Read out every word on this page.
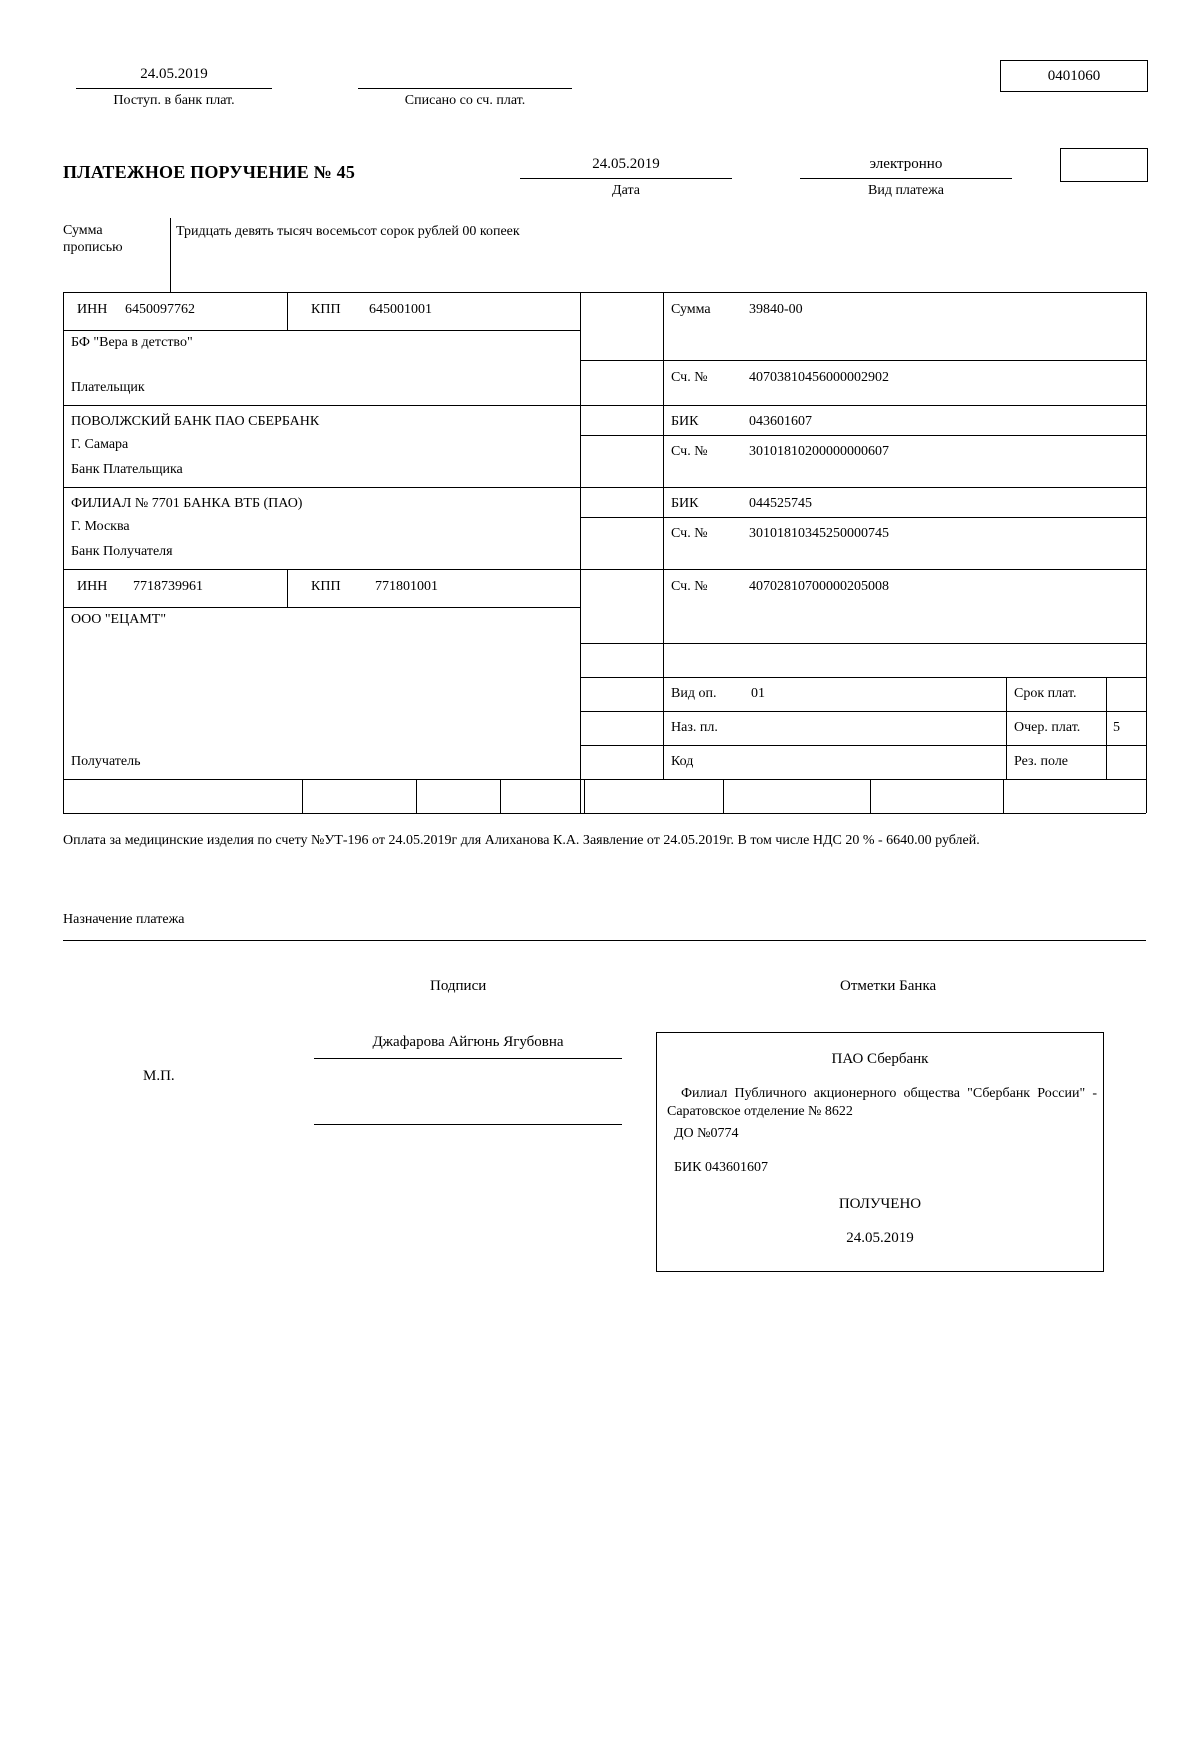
24.05.2019
Поступ. в банк плат.	Списано со сч. плат.
0401060
ПЛАТЕЖНОЕ ПОРУЧЕНИЕ № 45	24.05.2019
Дата
электронно
Вид платежа
Сумма
прописью
Тридцать девять тысяч восемьсот сорок рублей 00 копеек
ИНН 6450097762	КПП 645001001
БФ "Вера в детство"
Плательщик
Сумма	39840-00
Сч. №	40703810456000002902
ПОВОЛЖСКИЙ БАНК ПАО СБЕРБАНК
Г. Самара
Банк Плательщика
БИК	043601607
Сч. №	30101810200000000607
ФИЛИАЛ № 7701 БАНКА ВТБ (ПАО)
Г. Москва
Банк Получателя
БИК	044525745
Сч. №	30101810345250000745
ИНН 7718739961	КПП 771801001
ООО "ЕЦАМТ"
Получатель
Сч. №	40702810700000205008
Вид оп. 01	Срок плат.
Наз. пл.	Очер. плат. 5
Код	Рез. поле
Оплата за медицинские изделия по счету №УТ-196 от 24.05.2019г для Алиханова К.А. Заявление от 24.05.2019г. В том числе НДС 20 % - 6640.00 рублей.
Назначение платежа
Подписи	Отметки Банка
Джафарова Айгюнь Ягубовна
М.П.
ПАО Сбербанк
Филиал Публичного акционерного общества "Сбербанк России" - Саратовское отделение № 8622
ДО №0774
БИК 043601607
ПОЛУЧЕНО
24.05.2019
